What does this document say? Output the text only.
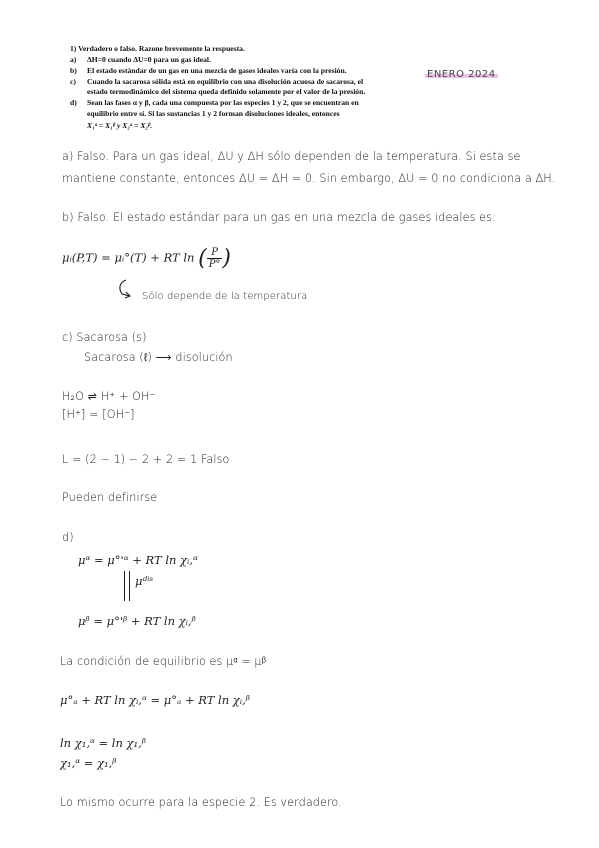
1) Verdadero o falso. Razone brevemente la respuesta.
a) ΔH=0 cuando ΔU=0 para un gas ideal.
b) El estado estándar de un gas en una mezcla de gases ideales varía con la presión.
c) Cuando la sacarosa sólida está en equilibrio con una disolución acuosa de sacarosa, el
estado termodinámico del sistema queda definido solamente por el valor de la presión.
d) Sean las fases α y β, cada una compuesta por las especies 1 y 2, que se encuentran en
equilibrio entre sí. Si las sustancias 1 y 2 forman disoluciones ideales, entonces
X₁ᵅ = X₁ᵝ y X₂ᵅ = X₂ᵝ.
ENERO 2024
a) Falso. Para un gas ideal, ΔU y ΔH sólo dependen de la temperatura. Si esta se
mantiene constante, entonces ΔU = ΔH = 0. Sin embargo, ΔU = 0 no condiciona a ΔH.
b) Falso. El estado estándar para un gas en una mezcla de gases ideales es:
μᵢ(P,T) = μᵢ°(T) + RT ln ( $\frac{P}{P^\circ}$ )
Sólo depende de la temperatura
c) Sacarosa (s)
Sacarosa (ℓ) ⟶ disolución
H₂O ⇌ H⁺ + OH⁻
[H⁺] = [OH⁻]
L = (2 − 1) − 2 + 2 = 1 Falso
Pueden definirse
d)
μᵅ = μ°'ᵅ + RT ln χᵢ,ᵅ
μᵈⁱˢ
μᵝ = μ°'ᵝ + RT ln χᵢ,ᵝ
La condición de equilibrio es μᵅ = μᵝ
μ°ₐ + RT ln χᵢ,ᵅ = μ°ₐ + RT ln χᵢ,ᵝ
ln χ₁,ᵅ = ln χ₁,ᵝ
χ₁,ᵅ = χ₁,ᵝ
Lo mismo ocurre para la especie 2. Es verdadero.
